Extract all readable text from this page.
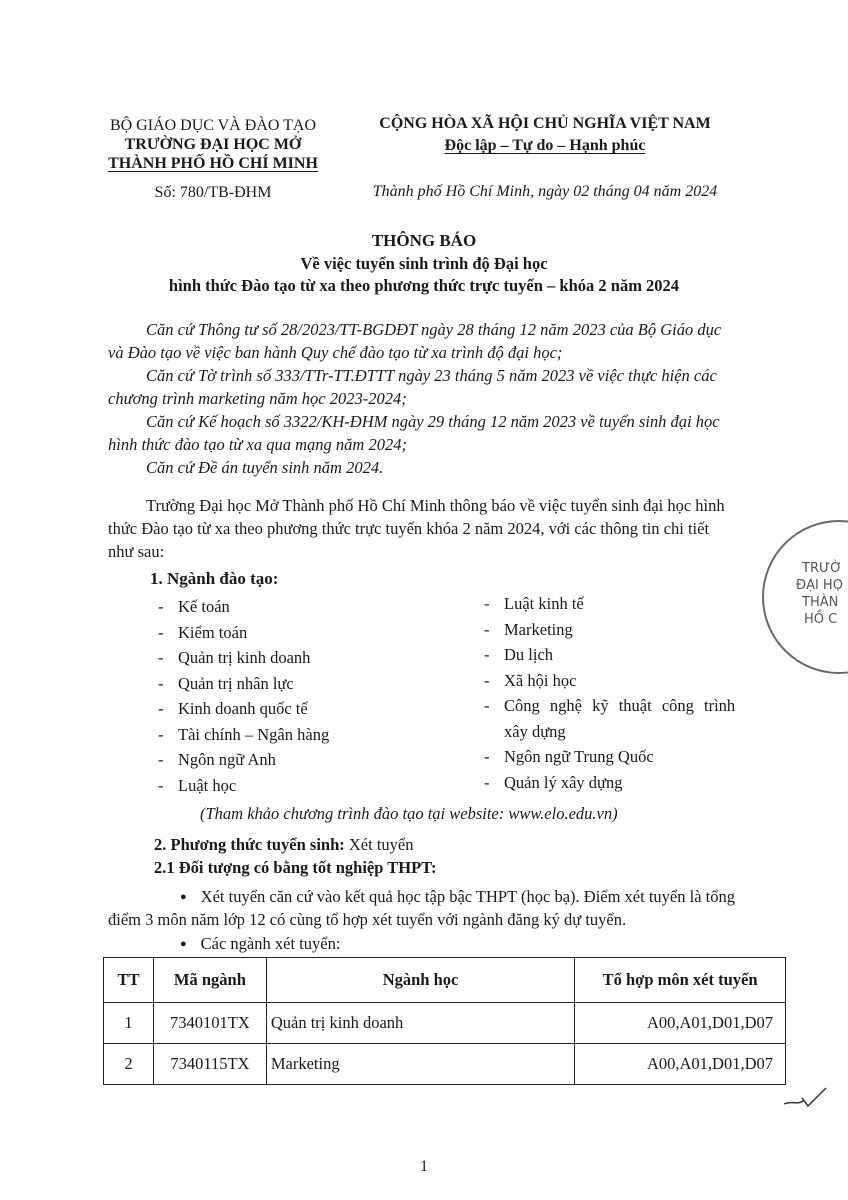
BỘ GIÁO DỤC VÀ ĐÀO TẠO
TRƯỜNG ĐẠI HỌC MỞ
THÀNH PHỐ HỒ CHÍ MINH
Số: 780/TB-ĐHM
CỘNG HÒA XÃ HỘI CHỦ NGHĨA VIỆT NAM
Độc lập – Tự do – Hạnh phúc
Thành phố Hồ Chí Minh, ngày 02 tháng 04 năm 2024
THÔNG BÁO
Về việc tuyển sinh trình độ Đại học
hình thức Đào tạo từ xa theo phương thức trực tuyến – khóa 2 năm 2024
Căn cứ Thông tư số 28/2023/TT-BGDĐT ngày 28 tháng 12 năm 2023 của Bộ Giáo dục
và Đào tạo về việc ban hành Quy chế đào tạo từ xa trình độ đại học;
Căn cứ Tờ trình số 333/TTr-TT.ĐTTT ngày 23 tháng 5 năm 2023 về việc thực hiện các
chương trình marketing năm học 2023-2024;
Căn cứ Kế hoạch số 3322/KH-ĐHM ngày 29 tháng 12 năm 2023 về tuyển sinh đại học
hình thức đào tạo từ xa qua mạng năm 2024;
Căn cứ Đề án tuyển sinh năm 2024.
Trường Đại học Mở Thành phố Hồ Chí Minh thông báo về việc tuyển sinh đại học hình
thức Đào tạo từ xa theo phương thức trực tuyến khóa 2 năm 2024, với các thông tin chi tiết
như sau:
1. Ngành đào tạo:
- Kế toán
- Kiểm toán
- Quản trị kinh doanh
- Quản trị nhân lực
- Kinh doanh quốc tế
- Tài chính – Ngân hàng
- Ngôn ngữ Anh
- Luật học
- Luật kinh tế
- Marketing
- Du lịch
- Xã hội học
- Công nghệ kỹ thuật công trình
xây dựng
- Ngôn ngữ Trung Quốc
- Quản lý xây dựng
(Tham khảo chương trình đào tạo tại website: www.elo.edu.vn)
2. Phương thức tuyển sinh: Xét tuyển
2.1 Đối tượng có bằng tốt nghiệp THPT:
● Xét tuyển căn cứ vào kết quả học tập bậc THPT (học bạ). Điểm xét tuyển là tổng
điểm 3 môn năm lớp 12 có cùng tổ hợp xét tuyển với ngành đăng ký dự tuyển.
● Các ngành xét tuyển:
TT	Mã ngành	Ngành học	Tổ hợp môn xét tuyển
1	7340101TX	Quản trị kinh doanh	A00,A01,D01,D07
2	7340115TX	Marketing	A00,A01,D01,D07
TRƯỜ
ĐẠI HỌ
THÀN
HỒ C
1
